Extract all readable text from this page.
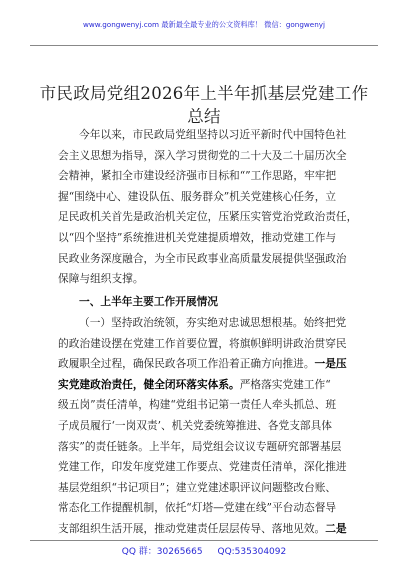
www.gongwenyj.com 最新最全最专业的公文资料库！ 微信：gongwenyj
市民政局党组2026年上半年抓基层党建工作
总结
今年以来，市民政局党组坚持以习近平新时代中国特色社
会主义思想为指导，深入学习贯彻党的二十大及二十届历次全
会精神，紧扣全市建设经济强市目标和“”工作思路，牢牢把
握“围绕中心、建设队伍、服务群众”机关党建核心任务，立
足民政机关首先是政治机关定位，压紧压实管党治党政治责任，
以“四个坚持”系统推进机关党建提质增效，推动党建工作与
民政业务深度融合，为全市民政事业高质量发展提供坚强政治
保障与组织支撑。
一、上半年主要工作开展情况
（一）坚持政治统领，夯实绝对忠诚思想根基。始终把党
的政治建设摆在党建工作首要位置，将旗帜鲜明讲政治贯穿民
政履职全过程，确保民政各项工作沿着正确方向推进。一是压
实党建政治责任，健全闭环落实体系。严格落实党建工作“
级五岗”责任清单，构建“党组书记第一责任人牵头抓总、班
子成员履行‘一岗双责’、机关党委统筹推进、各党支部具体
落实”的责任链条。上半年，局党组会议议专题研究部署基层
党建工作，印发年度党建工作要点、党建责任清单，深化推进
基层党组织“书记项目”；建立党建述职评议问题整改台账、
常态化工作提醒机制，依托“灯塔—党建在线”平台动态督导
支部组织生活开展，推动党建责任层层传导、落地见效。二是
QQ 群：30265665 QQ:535304092
